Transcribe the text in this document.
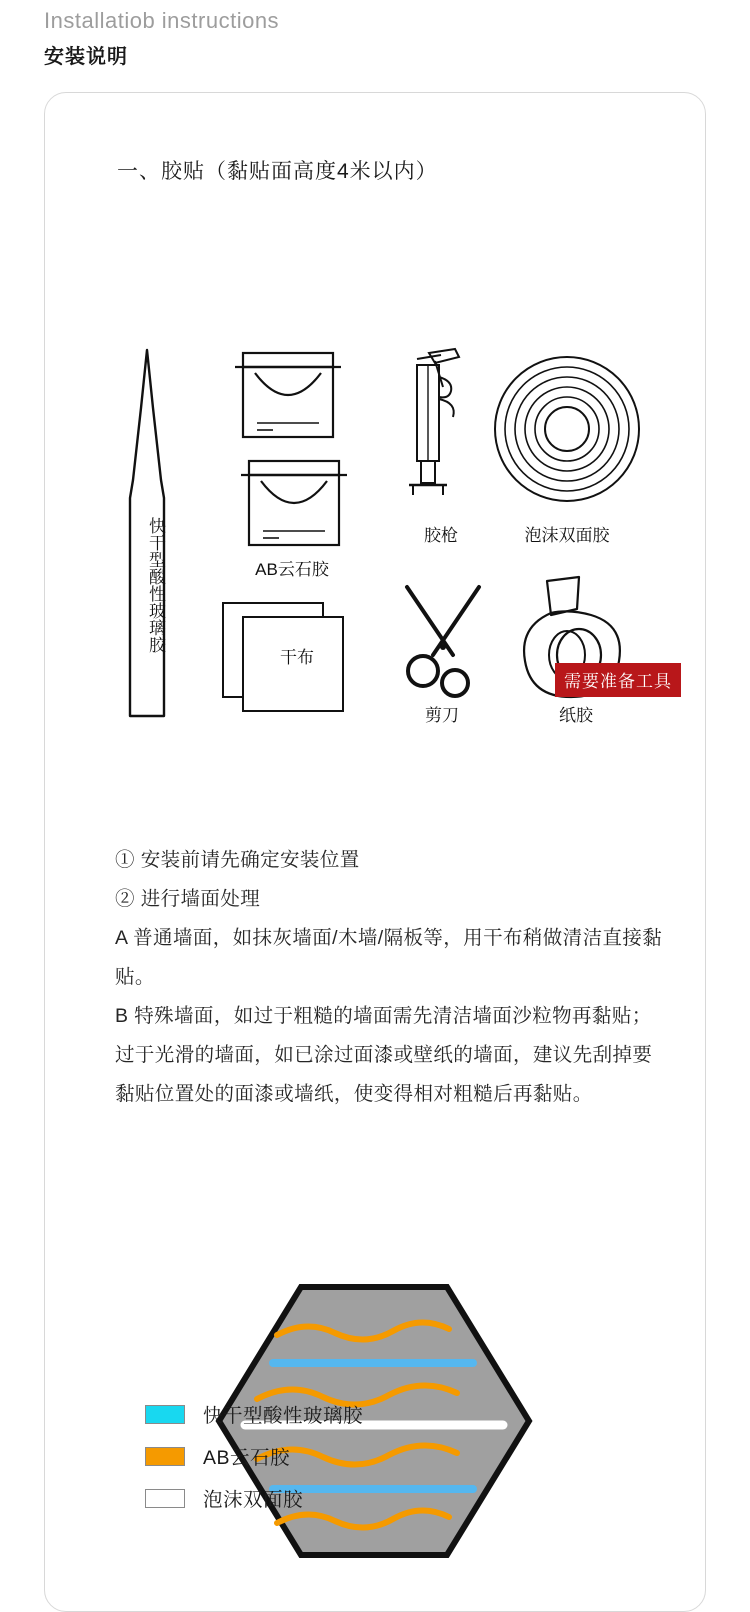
Installatiob instructions
安装说明
一、胶贴（黏贴面高度4米以内）
快干型酸性玻璃胶	AB云石胶
胶枪	泡沫双面胶
干布
剪刀	纸胶
需要准备工具

① 安装前请先确定安装位置

② 进行墙面处理

A 普通墙面，如抹灰墙面/木墙/隔板等，用干布稍做清洁直接黏贴。

B 特殊墙面，如过于粗糙的墙面需先清洁墙面沙粒物再黏贴；过于光滑的墙面，如已涂过面漆或壁纸的墙面，建议先刮掉要黏贴位置处的面漆或墙纸，使变得相对粗糙后再黏贴。

快干型酸性玻璃胶
AB云石胶
泡沫双面胶
